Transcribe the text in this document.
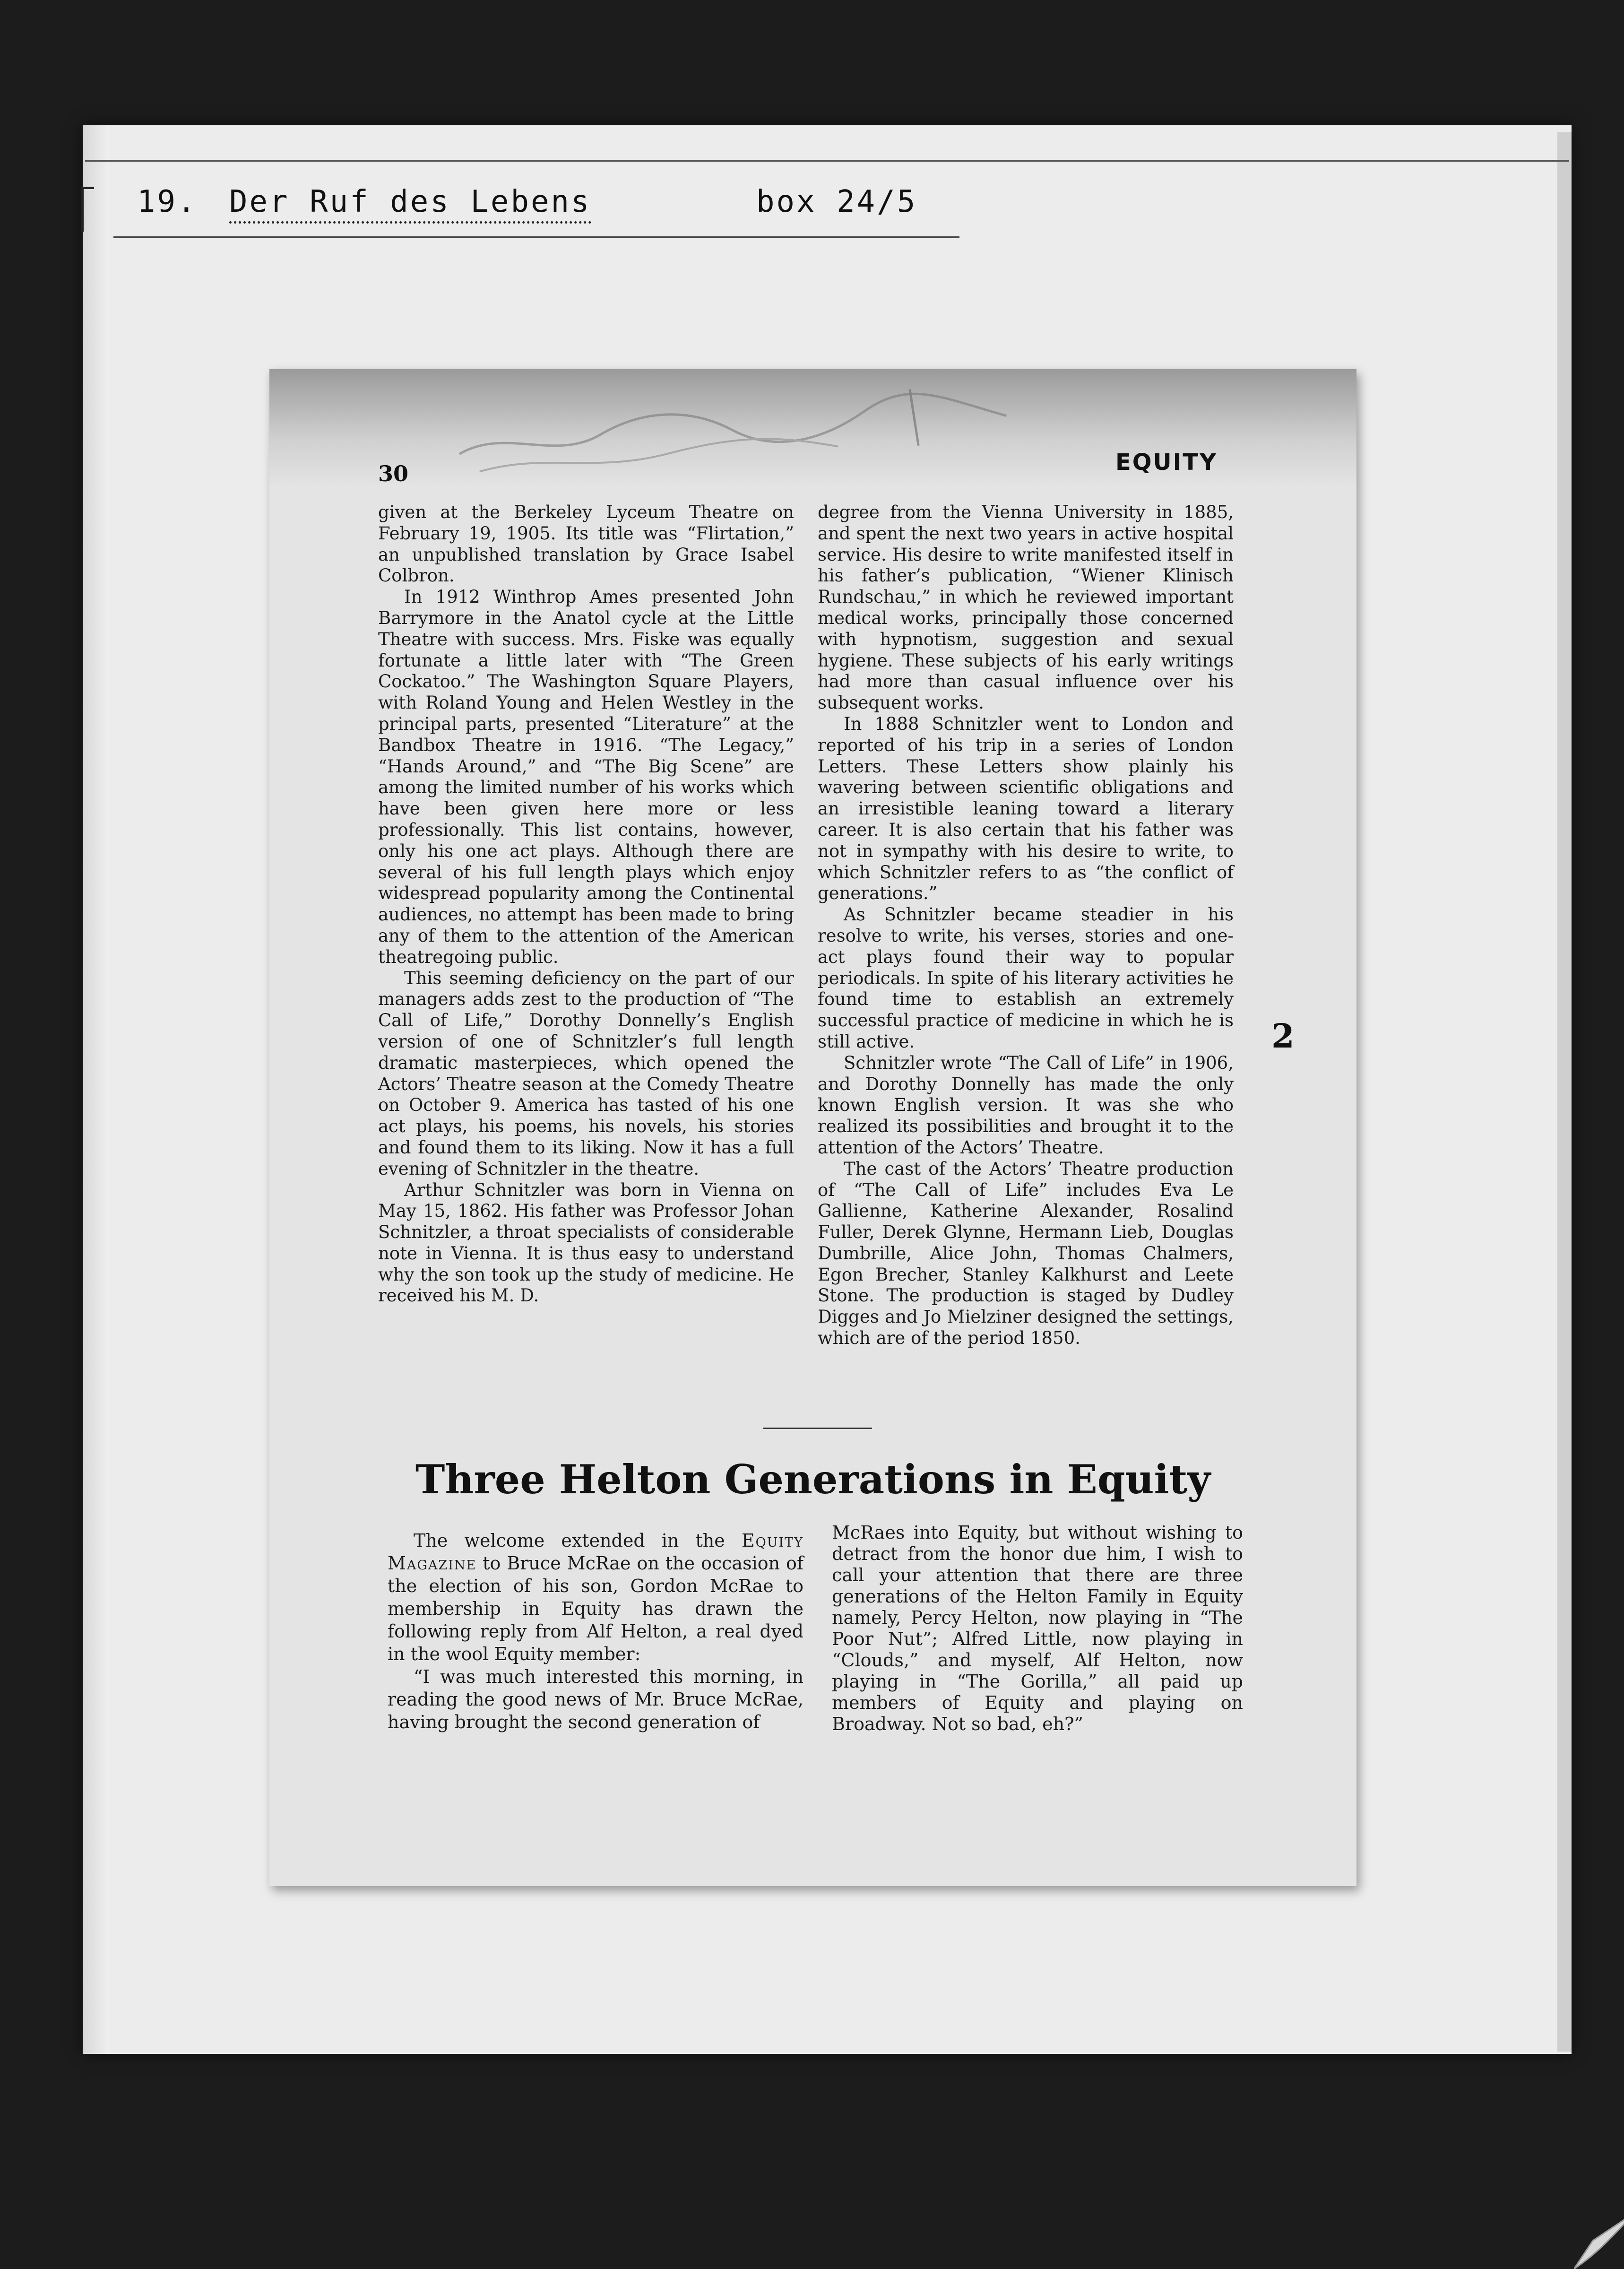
19. Der Ruf des Lebens	box 24/5
30	EQUITY

given at the Berkeley Lyceum Theatre on February 19, 1905. Its title was “Flirtation,” an unpublished translation by Grace Isabel Colbron.

In 1912 Winthrop Ames presented John Barrymore in the Anatol cycle at the Little Theatre with success. Mrs. Fiske was equally fortunate a little later with “The Green Cockatoo.” The Washington Square Players, with Roland Young and Helen Westley in the principal parts, presented “Literature” at the Bandbox Theatre in 1916. “The Legacy,” “Hands Around,” and “The Big Scene” are among the limited number of his works which have been given here more or less professionally. This list contains, however, only his one act plays. Although there are several of his full length plays which enjoy widespread popularity among the Continental audiences, no attempt has been made to bring any of them to the attention of the American theatregoing public.

This seeming deficiency on the part of our managers adds zest to the production of “The Call of Life,” Dorothy Donnelly’s English version of one of Schnitzler’s full length dramatic masterpieces, which opened the Actors’ Theatre season at the Comedy Theatre on October 9. America has tasted of his one act plays, his poems, his novels, his stories and found them to its liking. Now it has a full evening of Schnitzler in the theatre.

Arthur Schnitzler was born in Vienna on May 15, 1862. His father was Professor Johan Schnitzler, a throat specialists of considerable note in Vienna. It is thus easy to understand why the son took up the study of medicine. He received his M. D.

degree from the Vienna University in 1885, and spent the next two years in active hospital service. His desire to write manifested itself in his father’s publication, “Wiener Klinisch Rundschau,” in which he reviewed important medical works, principally those concerned with hypnotism, suggestion and sexual hygiene. These subjects of his early writings had more than casual influence over his subsequent works.

In 1888 Schnitzler went to London and reported of his trip in a series of London Letters. These Letters show plainly his wavering between scientific obligations and an irresistible leaning toward a literary career. It is also certain that his father was not in sympathy with his desire to write, to which Schnitzler refers to as “the conflict of generations.”

As Schnitzler became steadier in his resolve to write, his verses, stories and one-act plays found their way to popular periodicals. In spite of his literary activities he found time to establish an extremely successful practice of medicine in which he is still active.

Schnitzler wrote “The Call of Life” in 1906, and Dorothy Donnelly has made the only known English version. It was she who realized its possibilities and brought it to the attention of the Actors’ Theatre.

The cast of the Actors’ Theatre production of “The Call of Life” includes Eva Le Gallienne, Katherine Alexander, Rosalind Fuller, Derek Glynne, Hermann Lieb, Douglas Dumbrille, Alice John, Thomas Chalmers, Egon Brecher, Stanley Kalkhurst and Leete Stone. The production is staged by Dudley Digges and Jo Mielziner designed the settings, which are of the period 1850.

Three Helton Generations in Equity

The welcome extended in the Equity Magazine to Bruce McRae on the occasion of the election of his son, Gordon McRae to membership in Equity has drawn the following reply from Alf Helton, a real dyed in the wool Equity member:

“I was much interested this morning, in reading the good news of Mr. Bruce McRae, having brought the second generation of

McRaes into Equity, but without wishing to detract from the honor due him, I wish to call your attention that there are three generations of the Helton Family in Equity namely, Percy Helton, now playing in “The Poor Nut”; Alfred Little, now playing in “Clouds,” and myself, Alf Helton, now playing in “The Gorilla,” all paid up members of Equity and playing on Broadway. Not so bad, eh?”

2
